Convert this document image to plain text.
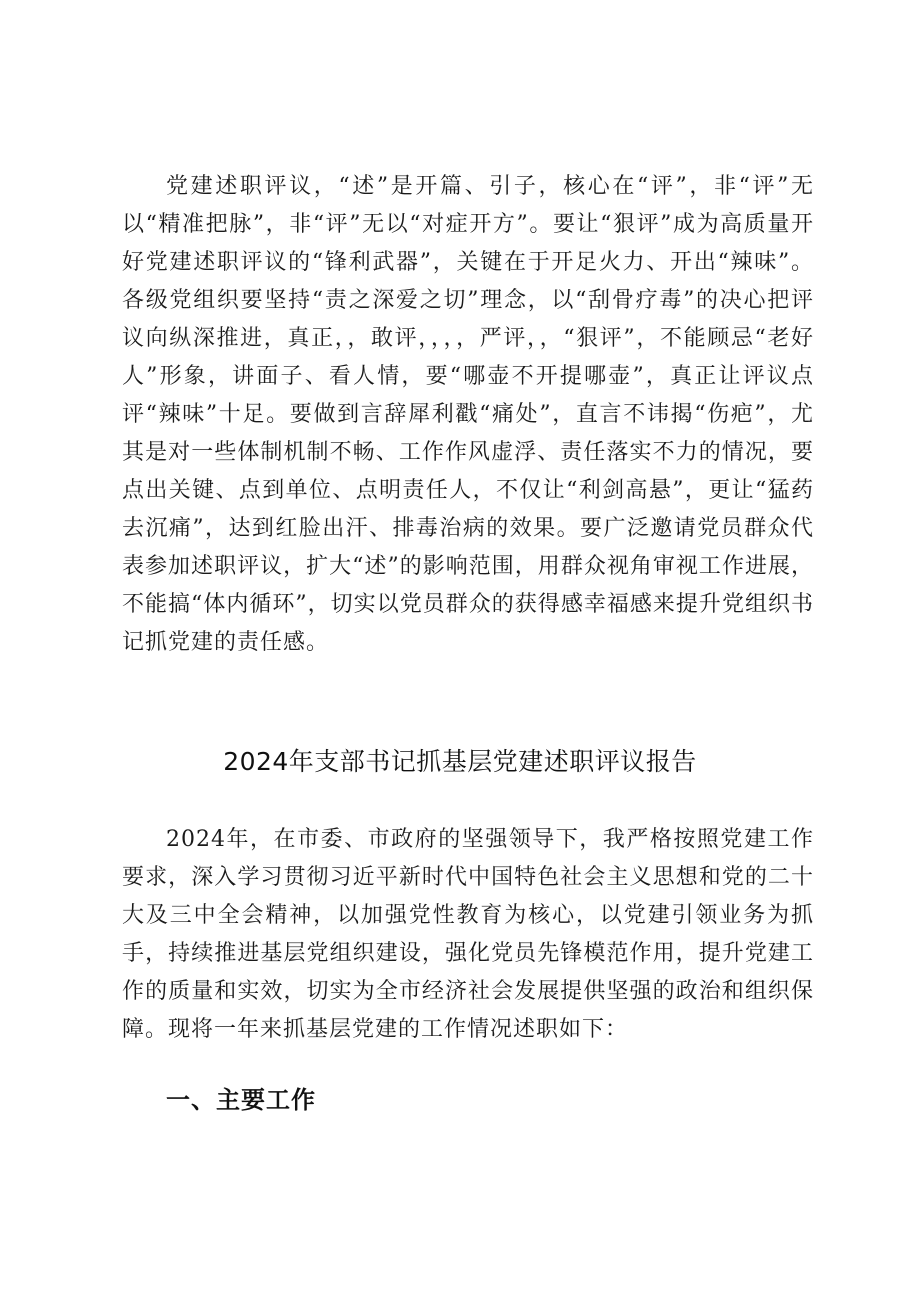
党建述职评议，“述”是开篇、引子，核心在“评”，非“评”无以“精准把脉”，非“评”无以“对症开方”。要让“狠评”成为高质量开好党建述职评议的“锋利武器”，关键在于开足火力、开出“辣味”。各级党组织要坚持“责之深爱之切”理念，以“刮骨疗毒”的决心把评议向纵深推进，真正，，敢评，，，，严评，，“狠评”，不能顾忌“老好人”形象，讲面子、看人情，要“哪壶不开提哪壶”，真正让评议点评“辣味”十足。要做到言辞犀利戳“痛处”，直言不讳揭“伤疤”，尤其是对一些体制机制不畅、工作作风虚浮、责任落实不力的情况，要点出关键、点到单位、点明责任人，不仅让“利剑高悬”，更让“猛药去沉痛”，达到红脸出汗、排毒治病的效果。要广泛邀请党员群众代表参加述职评议，扩大“述”的影响范围，用群众视角审视工作进展，不能搞“体内循环”，切实以党员群众的获得感幸福感来提升党组织书记抓党建的责任感。

2024年支部书记抓基层党建述职评议报告

2024年，在市委、市政府的坚强领导下，我严格按照党建工作要求，深入学习贯彻习近平新时代中国特色社会主义思想和党的二十大及三中全会精神，以加强党性教育为核心，以党建引领业务为抓手，持续推进基层党组织建设，强化党员先锋模范作用，提升党建工作的质量和实效，切实为全市经济社会发展提供坚强的政治和组织保障。现将一年来抓基层党建的工作情况述职如下：

一、主要工作
